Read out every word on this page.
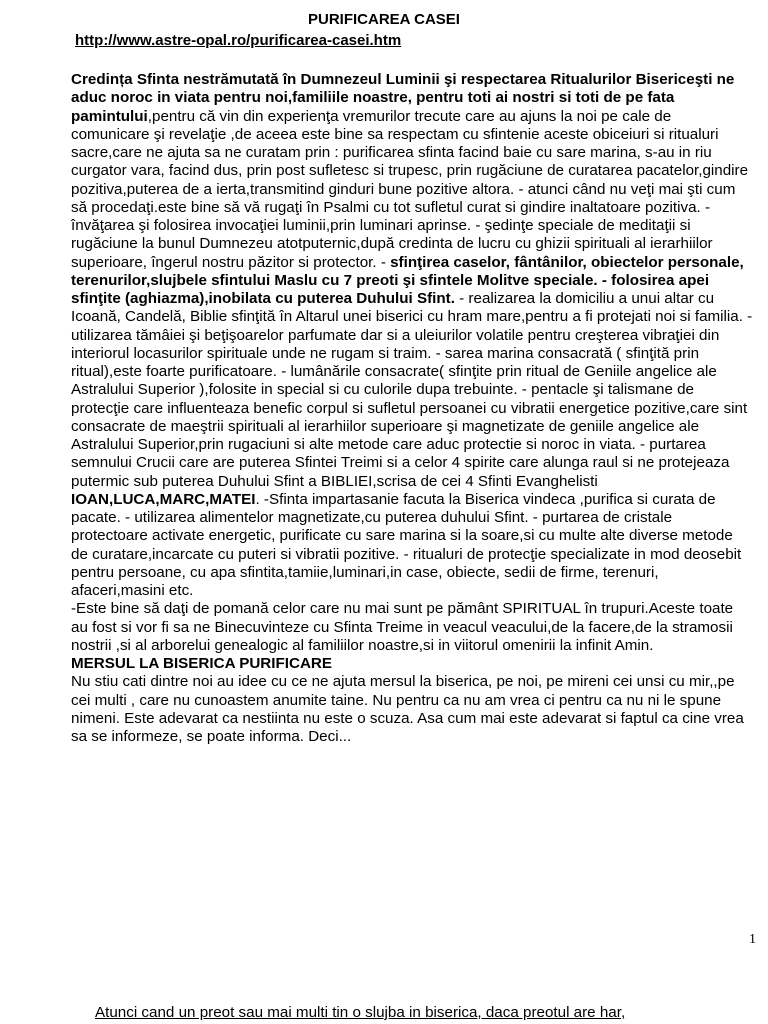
PURIFICAREA CASEI
http://www.astre-opal.ro/purificarea-casei.htm

Credința Sfinta nestrămutată în Dumnezeul Luminii şi respectarea Ritualurilor Bisericeşti ne aduc noroc in viata pentru noi,familiile noastre, pentru toti ai nostri si toti de pe fata pamintului,pentru că vin din experienţa vremurilor trecute care au ajuns la noi pe cale de comunicare şi revelaţie ,de aceea este bine sa respectam cu sfintenie aceste obiceiuri si ritualuri sacre,care ne ajuta sa ne curatam prin : purificarea sfinta facind baie cu sare marina, s-au in riu curgator vara, facind dus, prin post sufletesc si trupesc, prin rugăciune de curatarea pacatelor,gindire pozitiva,puterea de a ierta,transmitind ginduri bune pozitive altora. - atunci când nu veţi mai şti cum să procedaţi.este bine să vă rugaţi în Psalmi cu tot sufletul curat si gindire inaltatoare pozitiva. - învăţarea şi folosirea invocaţiei luminii,prin luminari aprinse. - şedinţe speciale de meditaţii si rugăciune la bunul Dumnezeu atotputernic,după credinta de lucru cu ghizii spirituali al ierarhiilor superioare, îngerul nostru păzitor si protector. - sfinţirea caselor, fântânilor, obiectelor personale, terenurilor,slujbele sfintului Maslu cu 7 preoti şi sfintele Molitve speciale. - folosirea apei sfinţite (aghiazma),inobilata cu puterea Duhului Sfint. - realizarea la domiciliu a unui altar cu Icoană, Candelă, Biblie sfinţită în Altarul unei biserici cu hram mare,pentru a fi protejati noi si familia. - utilizarea tămâiei şi beţişoarelor parfumate dar si a uleiurilor volatile pentru creşterea vibraţiei din interiorul locasurilor spirituale unde ne rugam si traim. - sarea marina consacrată ( sfinţită prin ritual),este foarte purificatoare. - lumânările consacrate( sfinţite prin ritual de Geniile angelice ale Astralului Superior ),folosite in special si cu culorile dupa trebuinte. - pentacle şi talismane de protecţie care influenteaza benefic corpul si sufletul persoanei cu vibratii energetice pozitive,care sint consacrate de maeştrii spirituali al ierarhiilor superioare şi magnetizate de geniile angelice ale Astralului Superior,prin rugaciuni si alte metode care aduc protectie si noroc in viata. - purtarea semnului Crucii care are puterea Sfintei Treimi si a celor 4 spirite care alunga raul si ne protejeaza putermic sub puterea Duhului Sfint a BIBLIEI,scrisa de cei 4 Sfinti Evanghelisti IOAN,LUCA,MARC,MATEI. -Sfinta impartasanie facuta la Biserica vindeca ,purifica si curata de pacate. - utilizarea alimentelor magnetizate,cu puterea duhului Sfint. - purtarea de cristale protectoare activate energetic, purificate cu sare marina si la soare,si cu multe alte diverse metode de curatare,incarcate cu puteri si vibratii pozitive. - ritualuri de protecţie specializate in mod deosebit pentru persoane, cu apa sfintita,tamiie,luminari,in case, obiecte, sedii de firme, terenuri, afaceri,masini etc.

-Este bine să daţi de pomană celor care nu mai sunt pe pământ SPIRITUAL în trupuri.Aceste toate au fost si vor fi sa ne Binecuvinteze cu Sfinta Treime in veacul veacului,de la facere,de la stramosii nostrii ,si al arborelui genealogic al familiilor noastre,si in viitorul omenirii la infinit Amin.

MERSUL LA BISERICA PURIFICARE

Nu stiu cati dintre noi au idee cu ce ne ajuta mersul la biserica, pe noi, pe mireni cei unsi cu mir,,pe cei multi , care nu cunoastem anumite taine. Nu pentru ca nu am vrea ci pentru ca nu ni le spune nimeni. Este adevarat ca nestiinta nu este o scuza. Asa cum mai este adevarat si faptul ca cine vrea sa se informeze, se poate informa. Deci...

1
Atunci cand un preot sau mai multi tin o slujba in biserica, daca preotul are har,
